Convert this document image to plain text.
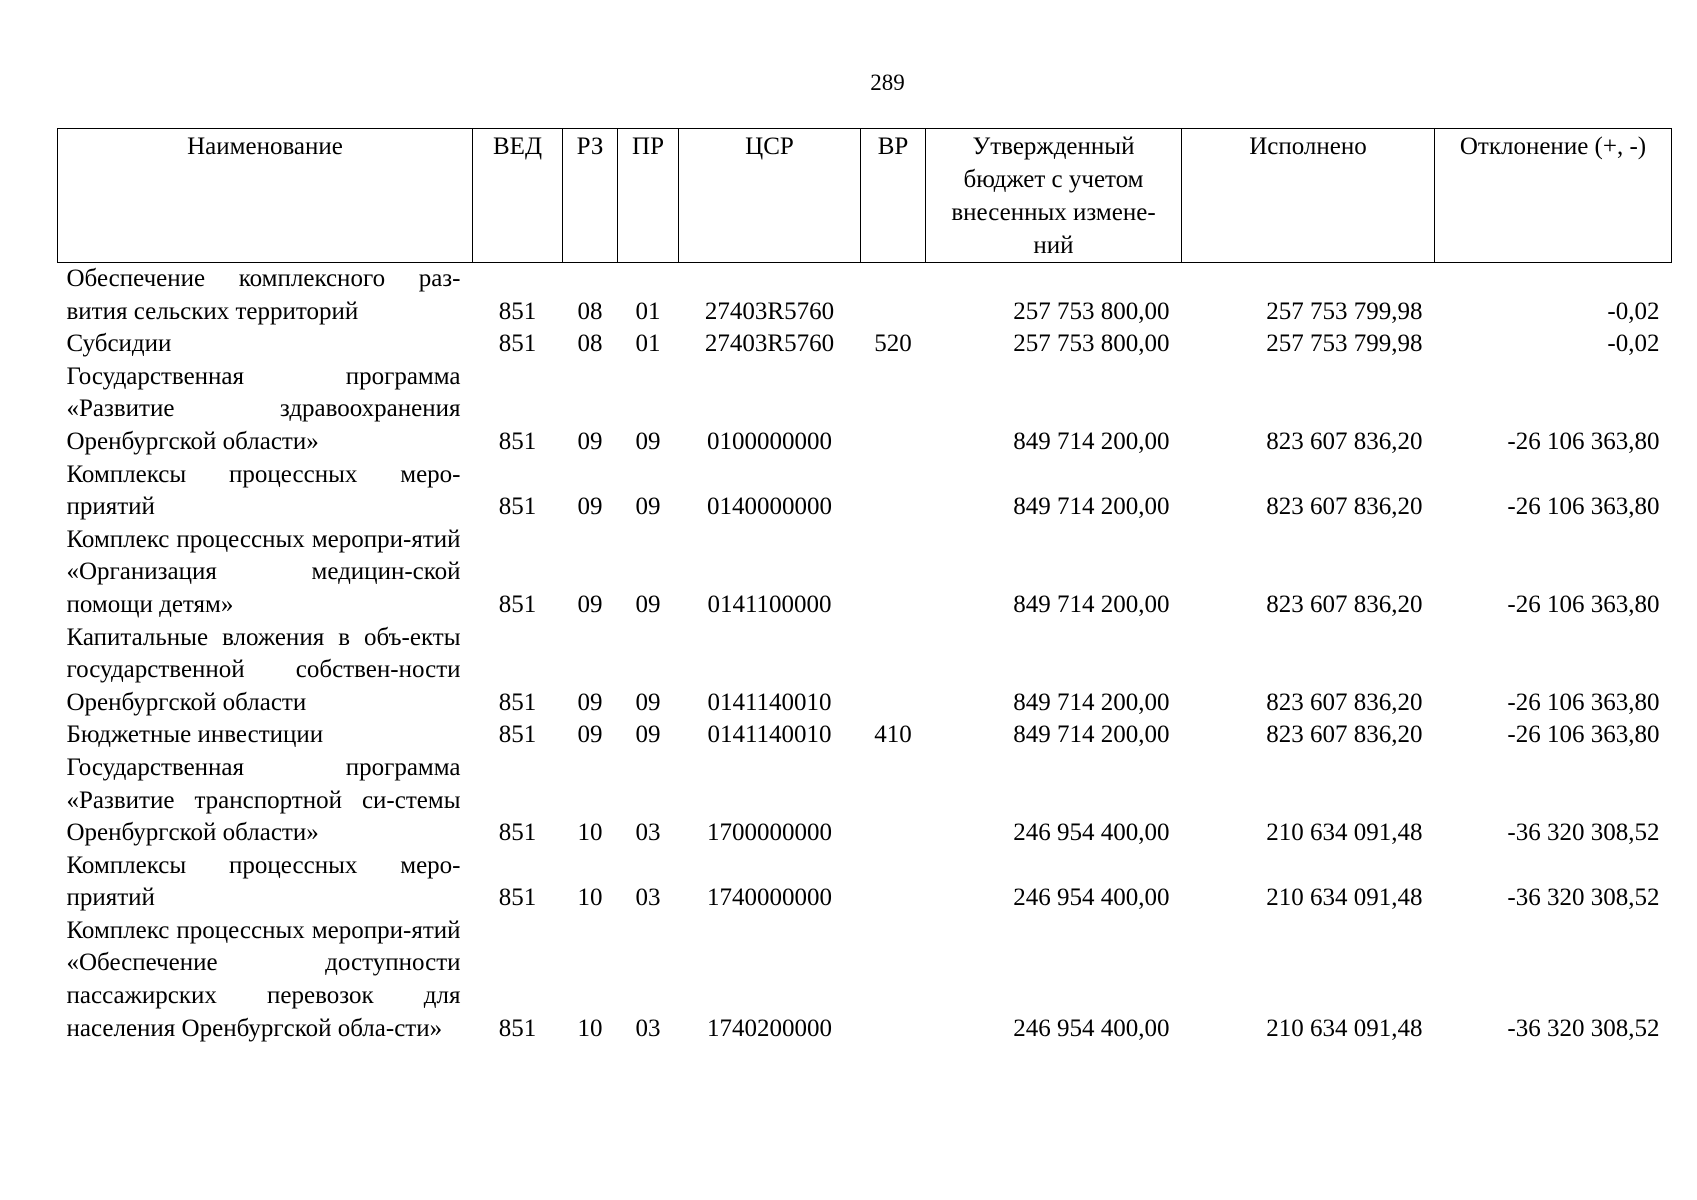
289
Наименование	ВЕД	РЗ	ПР	ЦСР	ВР	Утвержденный бюджет с учетом внесенных измене-ний	Исполнено	Отклонение (+, -)
Обеспечение комплексного раз-вития сельских территорий	851	08	01	27403R5760		257 753 800,00	257 753 799,98	-0,02
Субсидии	851	08	01	27403R5760	520	257 753 800,00	257 753 799,98	-0,02
Государственная программа «Развитие здравоохранения Оренбургской области»	851	09	09	0100000000		849 714 200,00	823 607 836,20	-26 106 363,80
Комплексы процессных меро-приятий	851	09	09	0140000000		849 714 200,00	823 607 836,20	-26 106 363,80
Комплекс процессных меропри-ятий «Организация медицин-ской помощи детям»	851	09	09	0141100000		849 714 200,00	823 607 836,20	-26 106 363,80
Капитальные вложения в объ-екты государственной собствен-ности Оренбургской области	851	09	09	0141140010		849 714 200,00	823 607 836,20	-26 106 363,80
Бюджетные инвестиции	851	09	09	0141140010	410	849 714 200,00	823 607 836,20	-26 106 363,80
Государственная программа «Развитие транспортной си-стемы Оренбургской области»	851	10	03	1700000000		246 954 400,00	210 634 091,48	-36 320 308,52
Комплексы процессных меро-приятий	851	10	03	1740000000		246 954 400,00	210 634 091,48	-36 320 308,52
Комплекс процессных меропри-ятий «Обеспечение доступности пассажирских перевозок для населения Оренбургской обла-сти»	851	10	03	1740200000		246 954 400,00	210 634 091,48	-36 320 308,52
